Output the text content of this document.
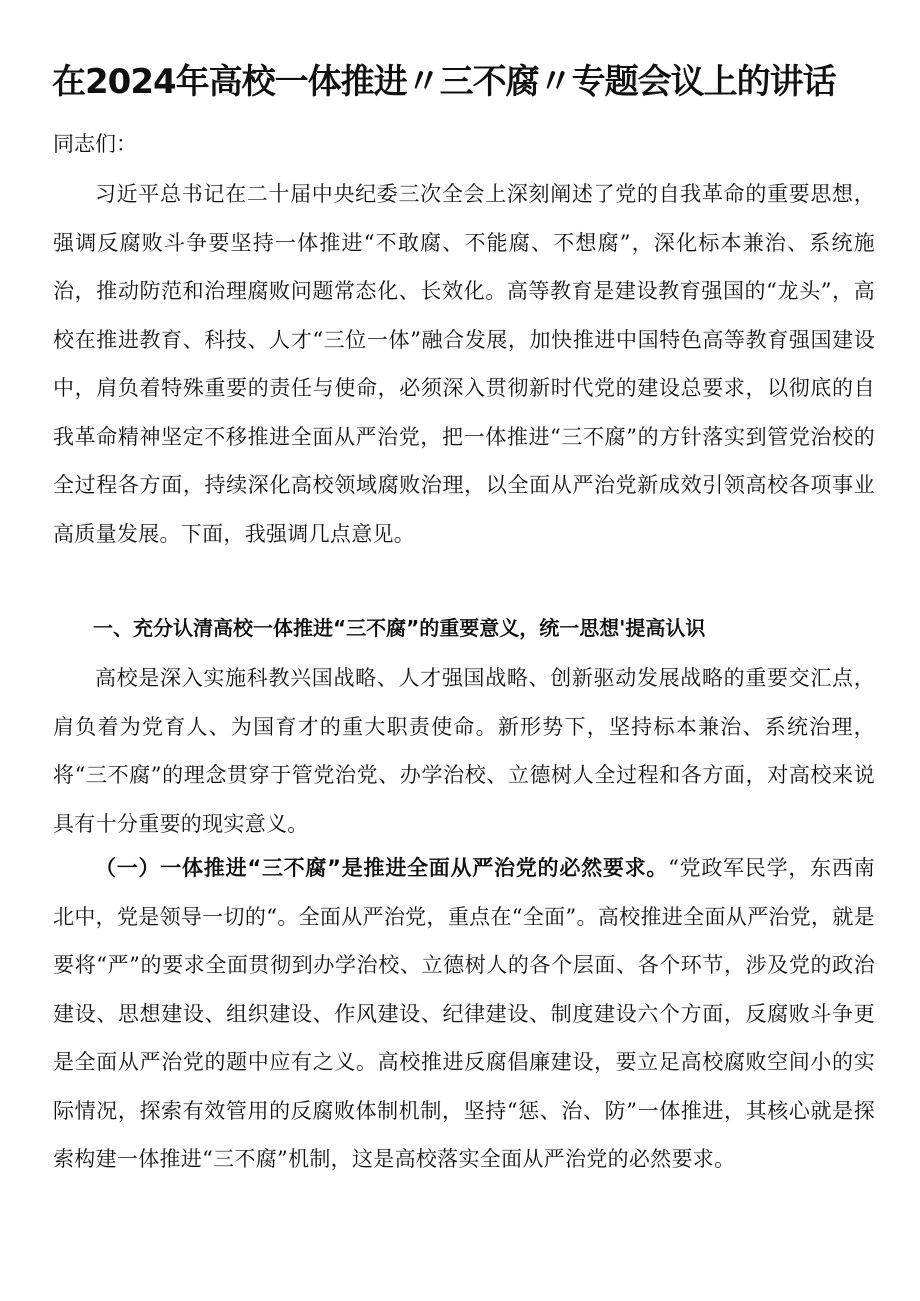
在2024年高校一体推进〃三不腐〃专题会议上的讲话

同志们：

习近平总书记在二十届中央纪委三次全会上深刻阐述了党的自我革命的重要思想，强调反腐败斗争要坚持一体推进“不敢腐、不能腐、不想腐”，深化标本兼治、系统施治，推动防范和治理腐败问题常态化、长效化。高等教育是建设教育强国的“龙头”，高校在推进教育、科技、人才“三位一体”融合发展，加快推进中国特色高等教育强国建设中，肩负着特殊重要的责任与使命，必须深入贯彻新时代党的建设总要求，以彻底的自我革命精神坚定不移推进全面从严治党，把一体推进“三不腐”的方针落实到管党治校的全过程各方面，持续深化高校领域腐败治理，以全面从严治党新成效引领高校各项事业高质量发展。下面，我强调几点意见。

一、充分认清高校一体推进“三不腐”的重要意义，统一思想'提高认识

高校是深入实施科教兴国战略、人才强国战略、创新驱动发展战略的重要交汇点，肩负着为党育人、为国育才的重大职责使命。新形势下，坚持标本兼治、系统治理，将“三不腐”的理念贯穿于管党治党、办学治校、立德树人全过程和各方面，对高校来说具有十分重要的现实意义。

（一）一体推进“三不腐”是推进全面从严治党的必然要求。“党政军民学，东西南北中，党是领导一切的“。全面从严治党，重点在“全面”。高校推进全面从严治党，就是要将“严”的要求全面贯彻到办学治校、立德树人的各个层面、各个环节，涉及党的政治建设、思想建设、组织建设、作风建设、纪律建设、制度建设六个方面，反腐败斗争更是全面从严治党的题中应有之义。高校推进反腐倡廉建设，要立足高校腐败空间小的实际情况，探索有效管用的反腐败体制机制，坚持“惩、治、防”一体推进，其核心就是探索构建一体推进“三不腐”机制，这是高校落实全面从严治党的必然要求。
